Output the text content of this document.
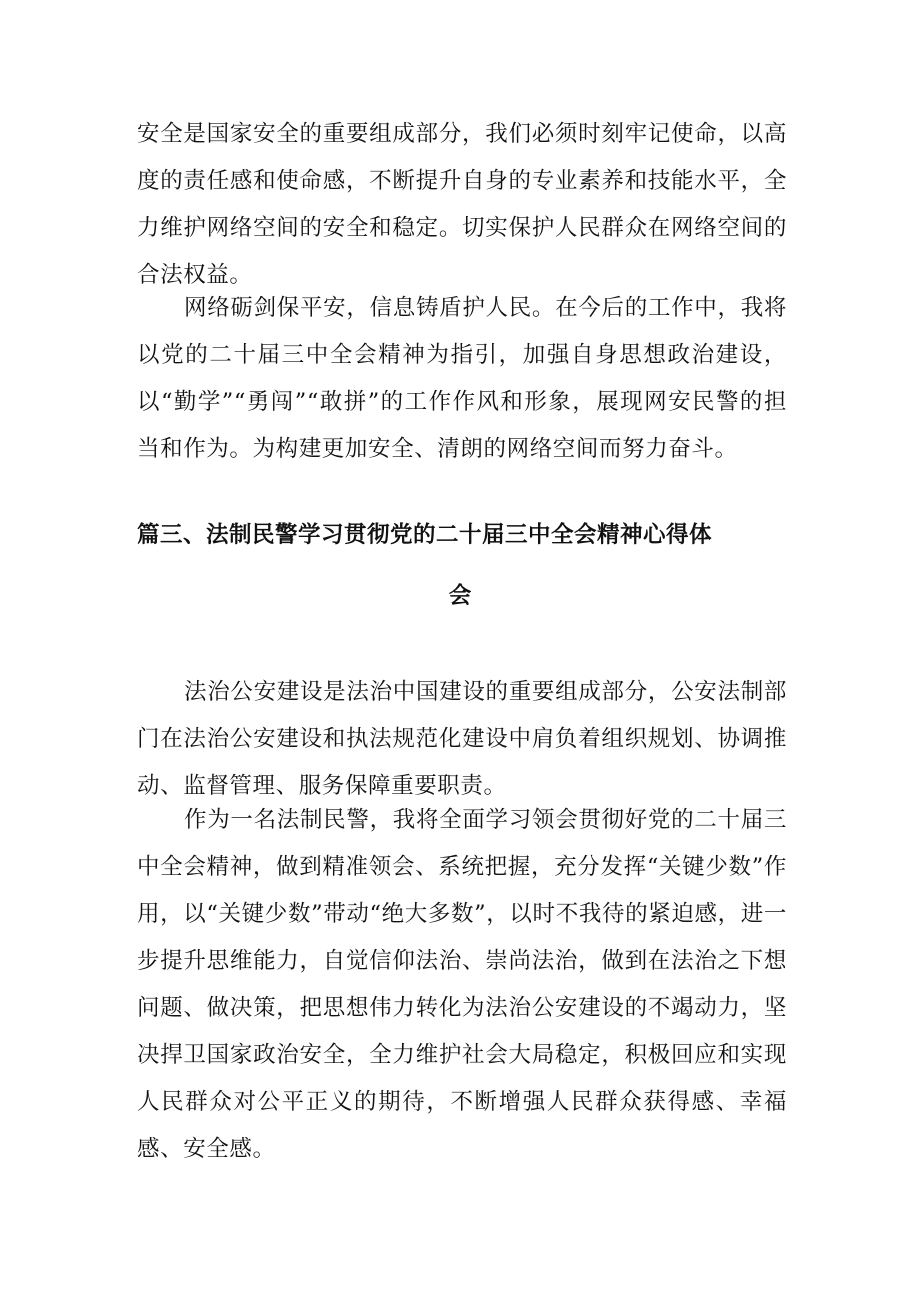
安全是国家安全的重要组成部分，我们必须时刻牢记使命，以高度的责任感和使命感，不断提升自身的专业素养和技能水平，全力维护网络空间的安全和稳定。切实保护人民群众在网络空间的合法权益。

网络砺剑保平安，信息铸盾护人民。在今后的工作中，我将以党的二十届三中全会精神为指引，加强自身思想政治建设，以“勤学”“勇闯”“敢拼”的工作作风和形象，展现网安民警的担当和作为。为构建更加安全、清朗的网络空间而努力奋斗。

篇三、法制民警学习贯彻党的二十届三中全会精神心得体
会

法治公安建设是法治中国建设的重要组成部分，公安法制部门在法治公安建设和执法规范化建设中肩负着组织规划、协调推动、监督管理、服务保障重要职责。

作为一名法制民警，我将全面学习领会贯彻好党的二十届三中全会精神，做到精准领会、系统把握，充分发挥“关键少数”作用，以“关键少数”带动“绝大多数”，以时不我待的紧迫感，进一步提升思维能力，自觉信仰法治、崇尚法治，做到在法治之下想问题、做决策，把思想伟力转化为法治公安建设的不竭动力，坚决捍卫国家政治安全，全力维护社会大局稳定，积极回应和实现人民群众对公平正义的期待，不断增强人民群众获得感、幸福感、安全感。
